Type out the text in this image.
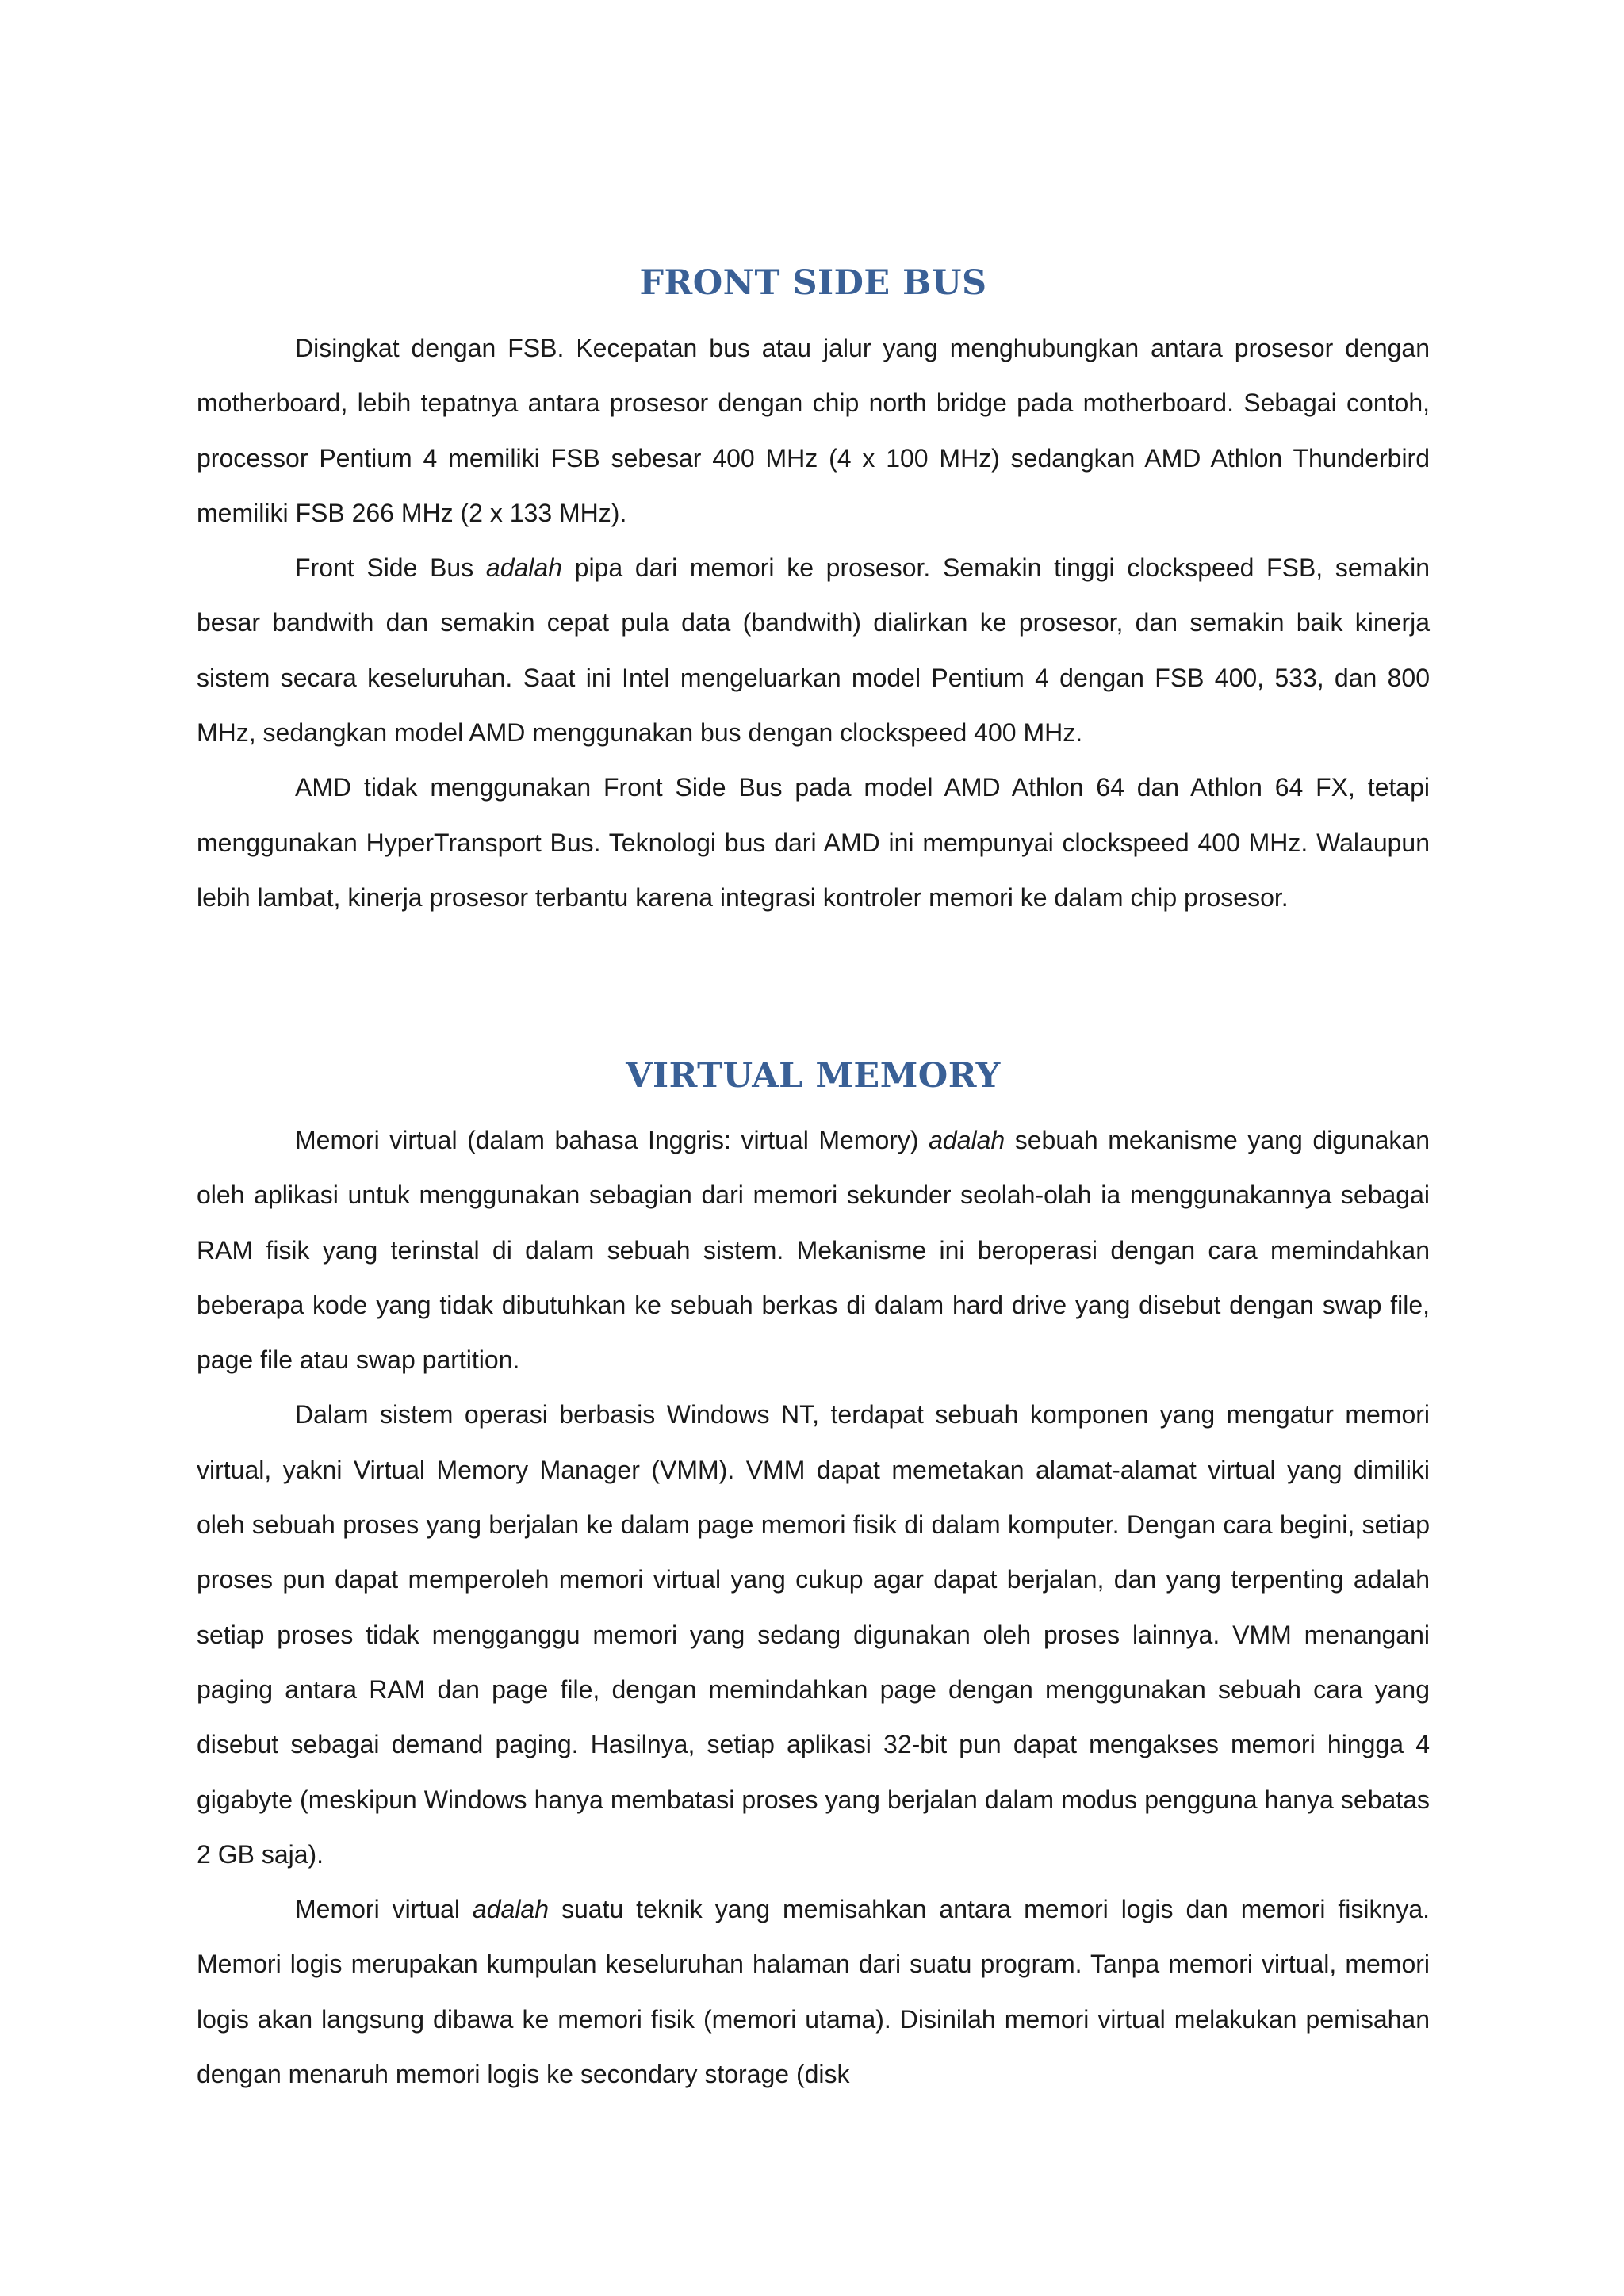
FRONT SIDE BUS

Disingkat dengan FSB. Kecepatan bus atau jalur yang menghubungkan antara prosesor dengan motherboard, lebih tepatnya antara prosesor dengan chip north bridge pada motherboard. Sebagai contoh, processor Pentium 4 memiliki FSB sebesar 400 MHz (4 x 100 MHz) sedangkan AMD Athlon Thunderbird memiliki FSB 266 MHz (2 x 133 MHz).

Front Side Bus adalah pipa dari memori ke prosesor. Semakin tinggi clockspeed FSB, semakin besar bandwith dan semakin cepat pula data (bandwith) dialirkan ke prosesor, dan semakin baik kinerja sistem secara keseluruhan. Saat ini Intel mengeluarkan model Pentium 4 dengan FSB 400, 533, dan 800 MHz, sedangkan model AMD menggunakan bus dengan clockspeed 400 MHz.

AMD tidak menggunakan Front Side Bus pada model AMD Athlon 64 dan Athlon 64 FX, tetapi menggunakan HyperTransport Bus. Teknologi bus dari AMD ini mempunyai clockspeed 400 MHz. Walaupun lebih lambat, kinerja prosesor terbantu karena integrasi kontroler memori ke dalam chip prosesor.

VIRTUAL MEMORY

Memori virtual (dalam bahasa Inggris: virtual Memory) adalah sebuah mekanisme yang digunakan oleh aplikasi untuk menggunakan sebagian dari memori sekunder seolah-olah ia menggunakannya sebagai RAM fisik yang terinstal di dalam sebuah sistem. Mekanisme ini beroperasi dengan cara memindahkan beberapa kode yang tidak dibutuhkan ke sebuah berkas di dalam hard drive yang disebut dengan swap file, page file atau swap partition.

Dalam sistem operasi berbasis Windows NT, terdapat sebuah komponen yang mengatur memori virtual, yakni Virtual Memory Manager (VMM). VMM dapat memetakan alamat-alamat virtual yang dimiliki oleh sebuah proses yang berjalan ke dalam page memori fisik di dalam komputer. Dengan cara begini, setiap proses pun dapat memperoleh memori virtual yang cukup agar dapat berjalan, dan yang terpenting adalah setiap proses tidak mengganggu memori yang sedang digunakan oleh proses lainnya. VMM menangani paging antara RAM dan page file, dengan memindahkan page dengan menggunakan sebuah cara yang disebut sebagai demand paging. Hasilnya, setiap aplikasi 32-bit pun dapat mengakses memori hingga 4 gigabyte (meskipun Windows hanya membatasi proses yang berjalan dalam modus pengguna hanya sebatas 2 GB saja).

Memori virtual adalah suatu teknik yang memisahkan antara memori logis dan memori fisiknya. Memori logis merupakan kumpulan keseluruhan halaman dari suatu program. Tanpa memori virtual, memori logis akan langsung dibawa ke memori fisik (memori utama). Disinilah memori virtual melakukan pemisahan dengan menaruh memori logis ke secondary storage (disk
